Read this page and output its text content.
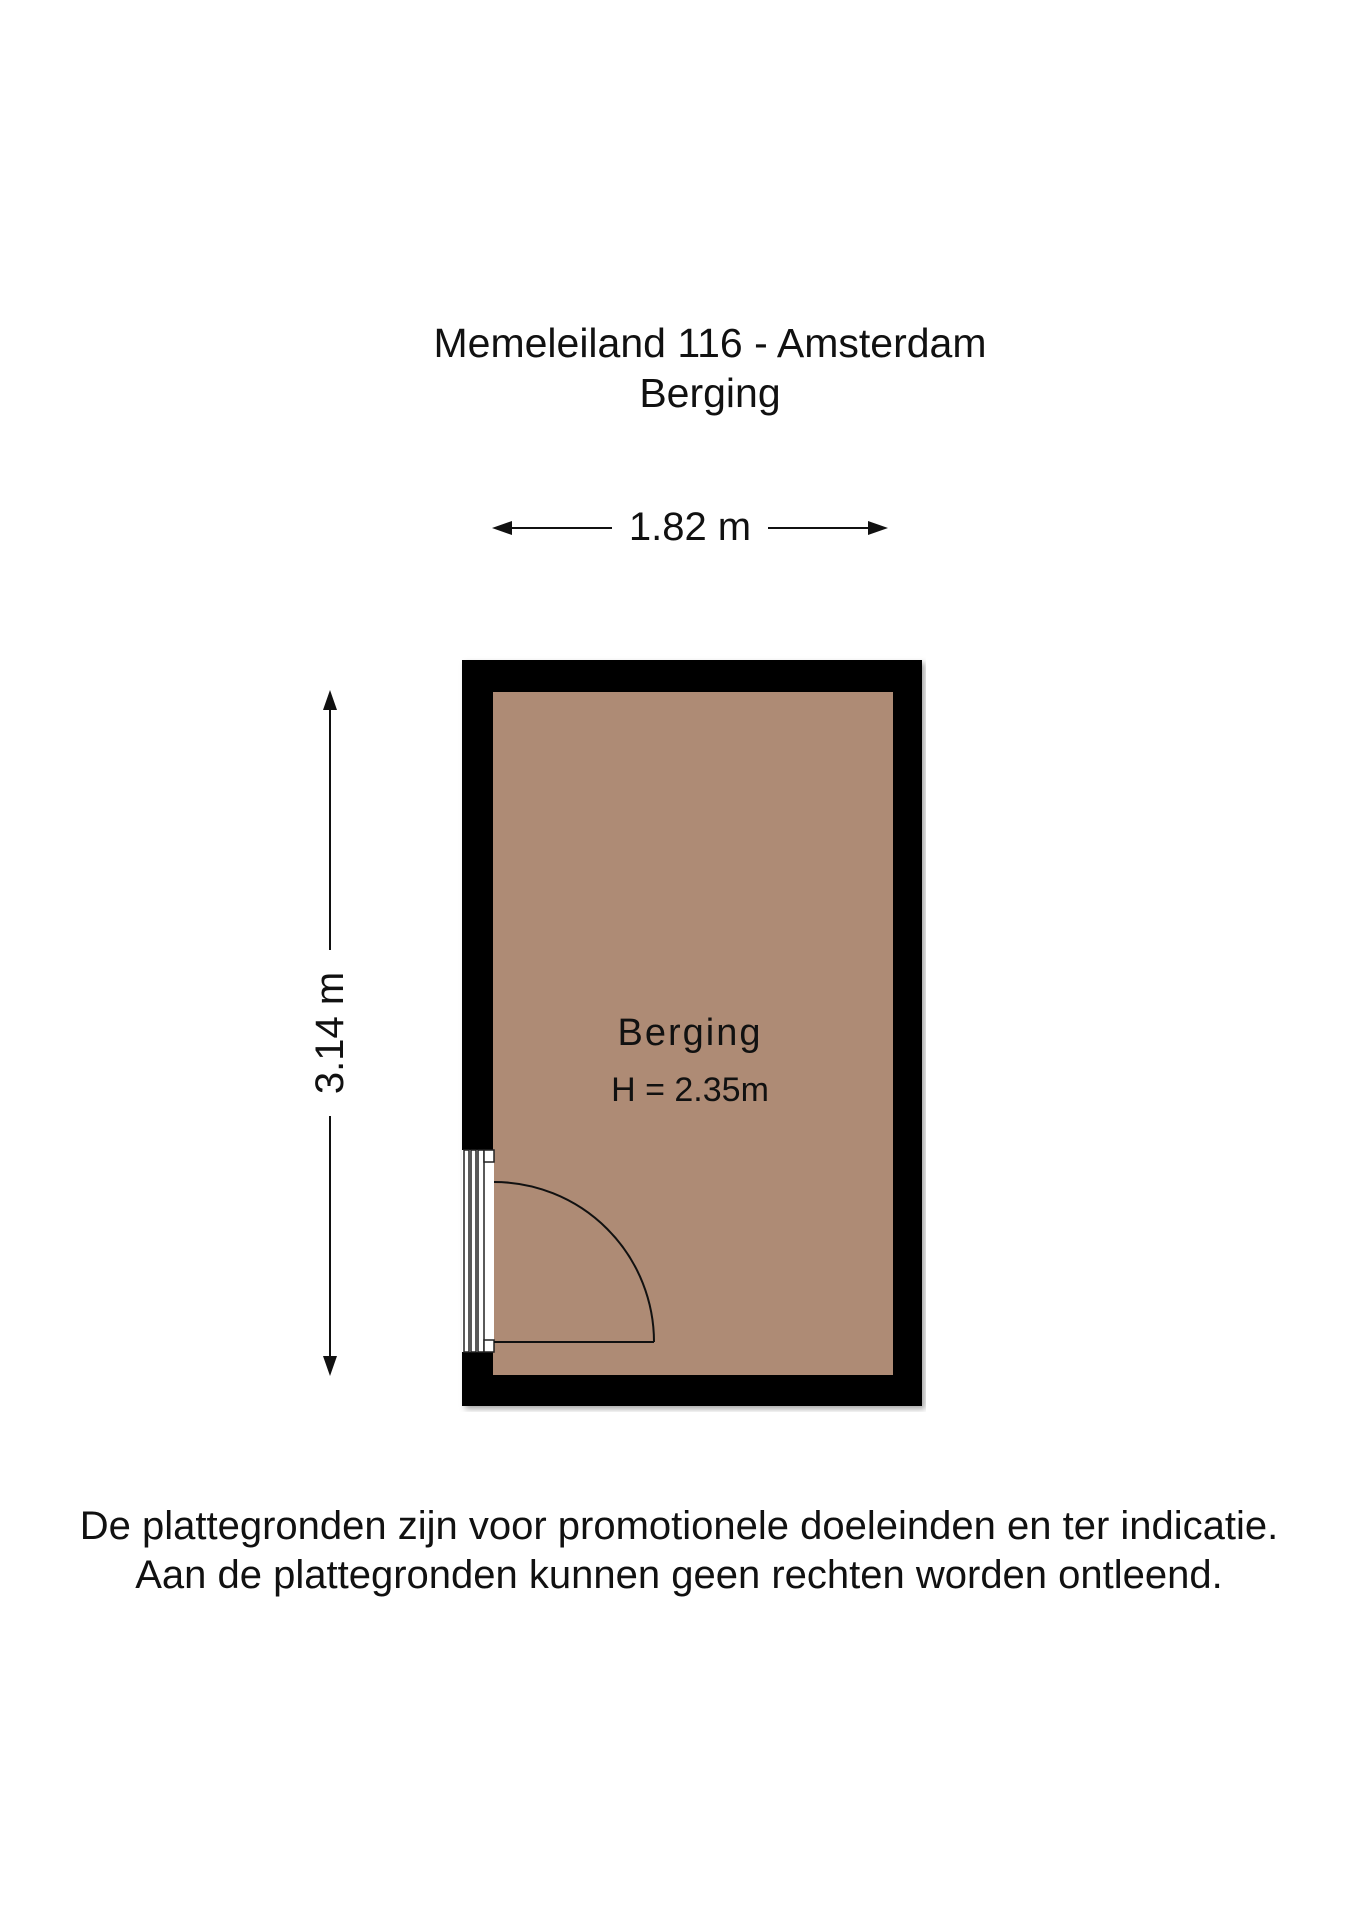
Memeleiland 116 - Amsterdam
Berging
1.82 m
3.14 m	Berging
H = 2.35m
De plattegronden zijn voor promotionele doeleinden en ter indicatie.
Aan de plattegronden kunnen geen rechten worden ontleend.
